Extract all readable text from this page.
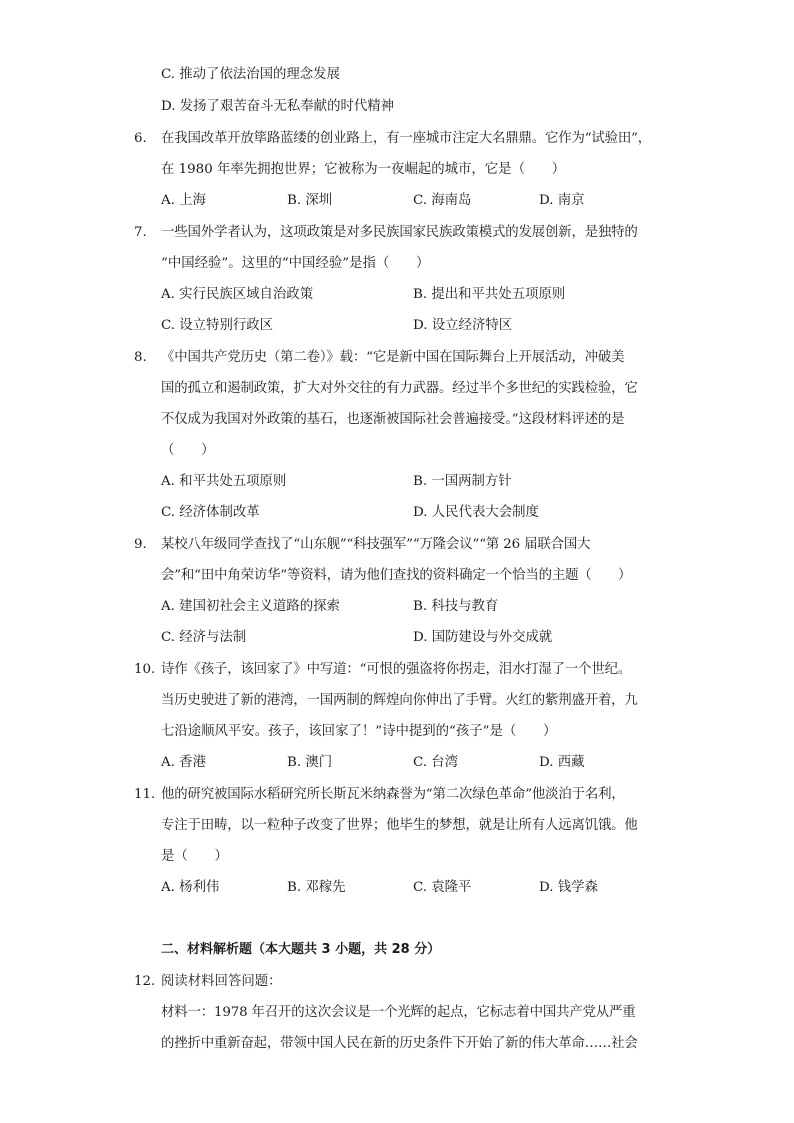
C. 推动了依法治国的理念发展
D. 发扬了艰苦奋斗无私奉献的时代精神
6. 在我国改革开放筚路蓝缕的创业路上，有一座城市注定大名鼎鼎。它作为“试验田”，
在 1980 年率先拥抱世界；它被称为一夜崛起的城市，它是（　　）
A. 上海	B. 深圳	C. 海南岛	D. 南京
7. 一些国外学者认为，这项政策是对多民族国家民族政策模式的发展创新，是独特的
“中国经验”。这里的“中国经验”是指（　　）
A. 实行民族区域自治政策	B. 提出和平共处五项原则
C. 设立特别行政区	D. 设立经济特区
8. 《中国共产党历史（第二卷）》载：“它是新中国在国际舞台上开展活动，冲破美
国的孤立和遏制政策，扩大对外交往的有力武器。经过半个多世纪的实践检验，它
不仅成为我国对外政策的基石，也逐渐被国际社会普遍接受。”这段材料评述的是
（　　）
A. 和平共处五项原则	B. 一国两制方针
C. 经济体制改革	D. 人民代表大会制度
9. 某校八年级同学查找了“山东舰”“科技强军”“万隆会议”“第 26 届联合国大
会”和“田中角荣访华”等资料，请为他们查找的资料确定一个恰当的主题（　　）
A. 建国初社会主义道路的探索	B. 科技与教育
C. 经济与法制	D. 国防建设与外交成就
10. 诗作《孩子，该回家了》中写道：“可恨的强盗将你拐走，泪水打湿了一个世纪。
当历史驶进了新的港湾，一国两制的辉煌向你伸出了手臂。火红的紫荆盛开着，九
七沿途顺风平安。孩子，该回家了！”诗中提到的“孩子”是（　　）
A. 香港	B. 澳门	C. 台湾	D. 西藏
11. 他的研究被国际水稻研究所长斯瓦米纳森誉为“第二次绿色革命”他淡泊于名利，
专注于田畴，以一粒种子改变了世界；他毕生的梦想，就是让所有人远离饥饿。他
是（　　）
A. 杨利伟	B. 邓稼先	C. 袁隆平	D. 钱学森
二、材料解析题（本大题共 3 小题，共 28 分）
12. 阅读材料回答问题：
材料一：1978 年召开的这次会议是一个光辉的起点，它标志着中国共产党从严重
的挫折中重新奋起，带领中国人民在新的历史条件下开始了新的伟大革命……社会
